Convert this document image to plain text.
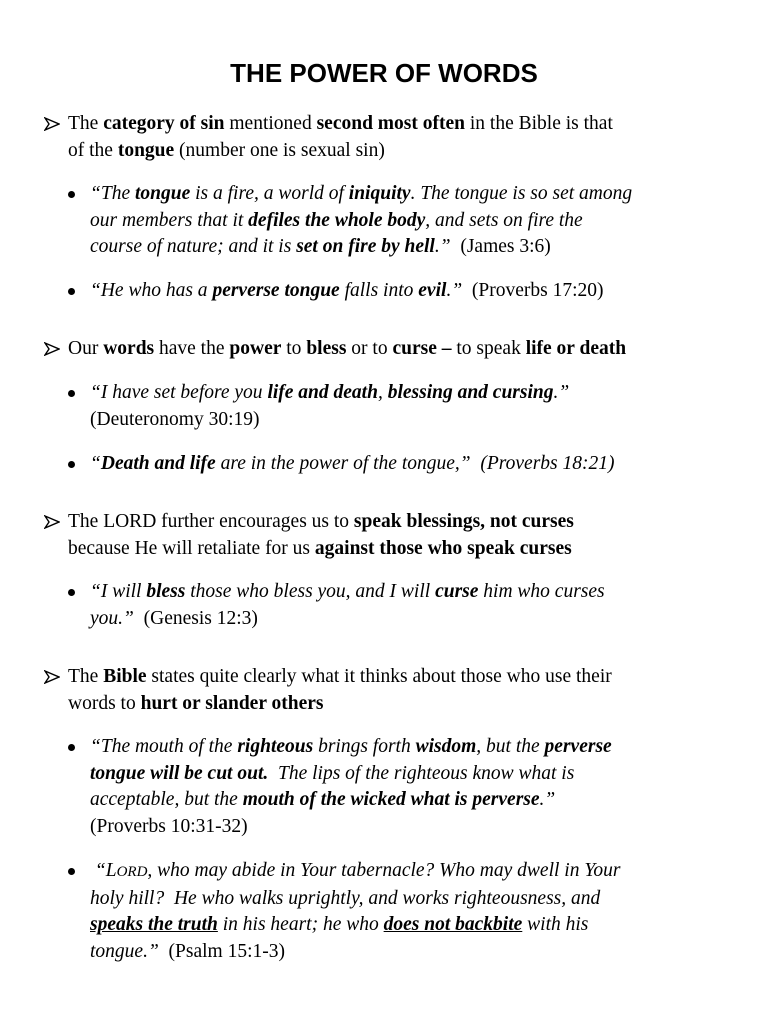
THE POWER OF WORDS
The category of sin mentioned second most often in the Bible is that
of the tongue (number one is sexual sin)
“The tongue is a fire, a world of iniquity. The tongue is so set among
our members that it defiles the whole body, and sets on fire the
course of nature; and it is set on fire by hell.”  (James 3:6)
“He who has a perverse tongue falls into evil.”  (Proverbs 17:20)
Our words have the power to bless or to curse – to speak life or death
“I have set before you life and death, blessing and cursing.”
(Deuteronomy 30:19)
“Death and life are in the power of the tongue,”  (Proverbs 18:21)
The LORD further encourages us to speak blessings, not curses
because He will retaliate for us against those who speak curses
“I will bless those who bless you, and I will curse him who curses
you.”  (Genesis 12:3)
The Bible states quite clearly what it thinks about those who use their
words to hurt or slander others
“The mouth of the righteous brings forth wisdom, but the perverse
tongue will be cut out.  The lips of the righteous know what is
acceptable, but the mouth of the wicked what is perverse.”
(Proverbs 10:31-32)
“LORD, who may abide in Your tabernacle? Who may dwell in Your
holy hill?  He who walks uprightly, and works righteousness, and
speaks the truth in his heart; he who does not backbite with his
tongue.”  (Psalm 15:1-3)
